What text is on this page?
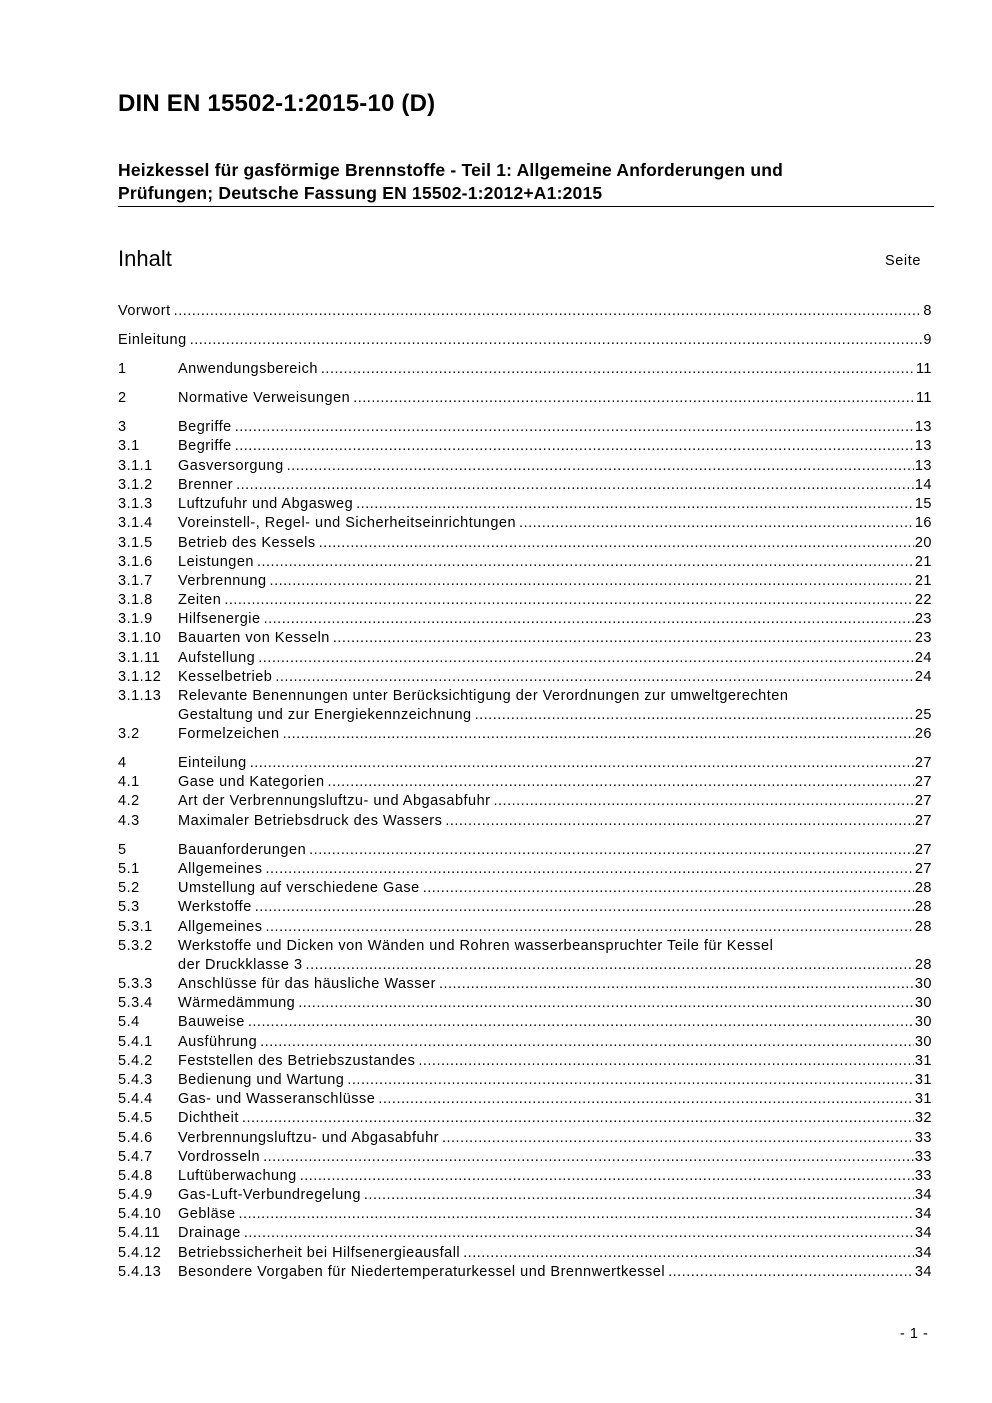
DIN EN 15502-1:2015-10 (D)
Heizkessel für gasförmige Brennstoffe - Teil 1: Allgemeine Anforderungen und
Prüfungen; Deutsche Fassung EN 15502-1:2012+A1:2015
Inhalt	Seite
Vorwort .....	8
Einleitung .....	9
1	Anwendungsbereich .....	11
2	Normative Verweisungen .....	11
3	Begriffe .....	13
3.1	Begriffe .....	13
3.1.1	Gasversorgung .....	13
3.1.2	Brenner .....	14
3.1.3	Luftzufuhr und Abgasweg .....	15
3.1.4	Voreinstell-, Regel- und Sicherheitseinrichtungen .....	16
3.1.5	Betrieb des Kessels .....	20
3.1.6	Leistungen .....	21
3.1.7	Verbrennung .....	21
3.1.8	Zeiten .....	22
3.1.9	Hilfsenergie .....	23
3.1.10	Bauarten von Kesseln .....	23
3.1.11	Aufstellung .....	24
3.1.12	Kesselbetrieb .....	24
3.1.13	Relevante Benennungen unter Berücksichtigung der Verordnungen zur umweltgerechten
Gestaltung und zur Energiekennzeichnung .....	25
3.2	Formelzeichen .....	26
4	Einteilung .....	27
4.1	Gase und Kategorien .....	27
4.2	Art der Verbrennungsluftzu- und Abgasabfuhr .....	27
4.3	Maximaler Betriebsdruck des Wassers .....	27
5	Bauanforderungen .....	27
5.1	Allgemeines .....	27
5.2	Umstellung auf verschiedene Gase .....	28
5.3	Werkstoffe .....	28
5.3.1	Allgemeines .....	28
5.3.2	Werkstoffe und Dicken von Wänden und Rohren wasserbeanspruchter Teile für Kessel
der Druckklasse 3 .....	28
5.3.3	Anschlüsse für das häusliche Wasser .....	30
5.3.4	Wärmedämmung .....	30
5.4	Bauweise .....	30
5.4.1	Ausführung .....	30
5.4.2	Feststellen des Betriebszustandes .....	31
5.4.3	Bedienung und Wartung .....	31
5.4.4	Gas- und Wasseranschlüsse .....	31
5.4.5	Dichtheit .....	32
5.4.6	Verbrennungsluftzu- und Abgasabfuhr .....	33
5.4.7	Vordrosseln .....	33
5.4.8	Luftüberwachung .....	33
5.4.9	Gas-Luft-Verbundregelung .....	34
5.4.10	Gebläse .....	34
5.4.11	Drainage .....	34
5.4.12	Betriebssicherheit bei Hilfsenergieausfall .....	34
5.4.13	Besondere Vorgaben für Niedertemperaturkessel und Brennwertkessel .....	34
- 1 -
